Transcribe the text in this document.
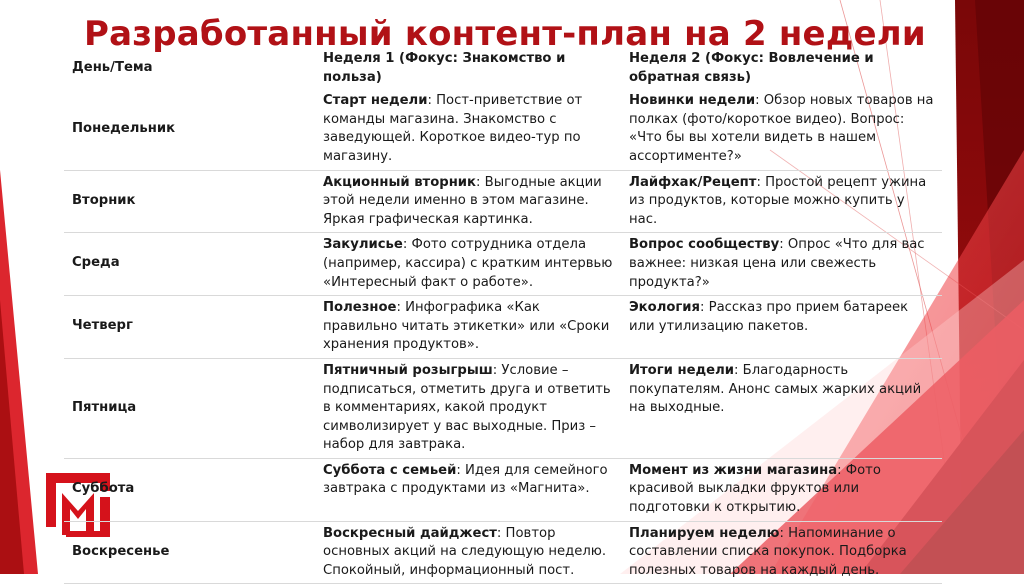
Разработанный контент-план на 2 недели
День/Тема	Неделя 1 (Фокус: Знакомство и польза)	Неделя 2 (Фокус: Вовлечение и обратная связь)
Понедельник	Старт недели: Пост-приветствие от команды магазина. Знакомство с заведующей. Короткое видео-тур по магазину.	Новинки недели: Обзор новых товаров на полках (фото/короткое видео). Вопрос: «Что бы вы хотели видеть в нашем ассортименте?»
Вторник	Акционный вторник: Выгодные акции этой недели именно в этом магазине. Яркая графическая картинка.	Лайфхак/Рецепт: Простой рецепт ужина из продуктов, которые можно купить у нас.
Среда	Закулисье: Фото сотрудника отдела (например, кассира) с кратким интервью «Интересный факт о работе».	Вопрос сообществу: Опрос «Что для вас важнее: низкая цена или свежесть продукта?»
Четверг	Полезное: Инфографика «Как правильно читать этикетки» или «Сроки хранения продуктов».	Экология: Рассказ про прием батареек или утилизацию пакетов.
Пятница	Пятничный розыгрыш: Условие – подписаться, отметить друга и ответить в комментариях, какой продукт символизирует у вас выходные. Приз – набор для завтрака.	Итоги недели: Благодарность покупателям. Анонс самых жарких акций на выходные.
Суббота	Суббота с семьей: Идея для семейного завтрака с продуктами из «Магнита».	Момент из жизни магазина: Фото красивой выкладки фруктов или подготовки к открытию.
Воскресенье	Воскресный дайджест: Повтор основных акций на следующую неделю. Спокойный, информационный пост.	Планируем неделю: Напоминание о составлении списка покупок. Подборка полезных товаров на каждый день.
